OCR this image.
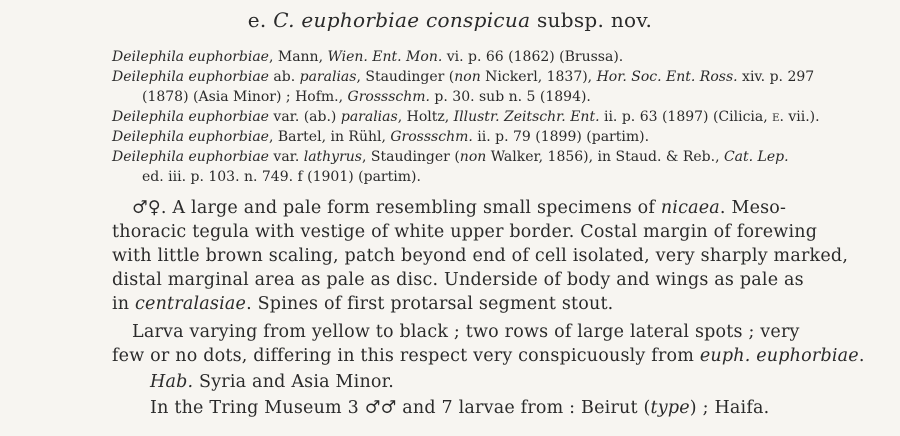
e. C. euphorbiae conspicua subsp. nov.
Deilephila euphorbiae, Mann, Wien. Ent. Mon. vi. p. 66 (1862) (Brussa).
Deilephila euphorbiae ab. paralias, Staudinger (non Nickerl, 1837), Hor. Soc. Ent. Ross. xiv. p. 297
(1878) (Asia Minor) ; Hofm., Grossschm. p. 30. sub n. 5 (1894).
Deilephila euphorbiae var. (ab.) paralias, Holtz, Illustr. Zeitschr. Ent. ii. p. 63 (1897) (Cilicia, e. vii.).
Deilephila euphorbiae, Bartel, in Rühl, Grossschm. ii. p. 79 (1899) (partim).
Deilephila euphorbiae var. lathyrus, Staudinger (non Walker, 1856), in Staud. & Reb., Cat. Lep.
ed. iii. p. 103. n. 749. f (1901) (partim).
♂♀. A large and pale form resembling small specimens of nicaea. Meso-
thoracic tegula with vestige of white upper border. Costal margin of forewing
with little brown scaling, patch beyond end of cell isolated, very sharply marked,
distal marginal area as pale as disc. Underside of body and wings as pale as
in centralasiae. Spines of first protarsal segment stout.
Larva varying from yellow to black ; two rows of large lateral spots ; very
few or no dots, differing in this respect very conspicuously from euph. euphorbiae.
Hab. Syria and Asia Minor.
In the Tring Museum 3 ♂♂ and 7 larvae from : Beirut (type) ; Haifa.
